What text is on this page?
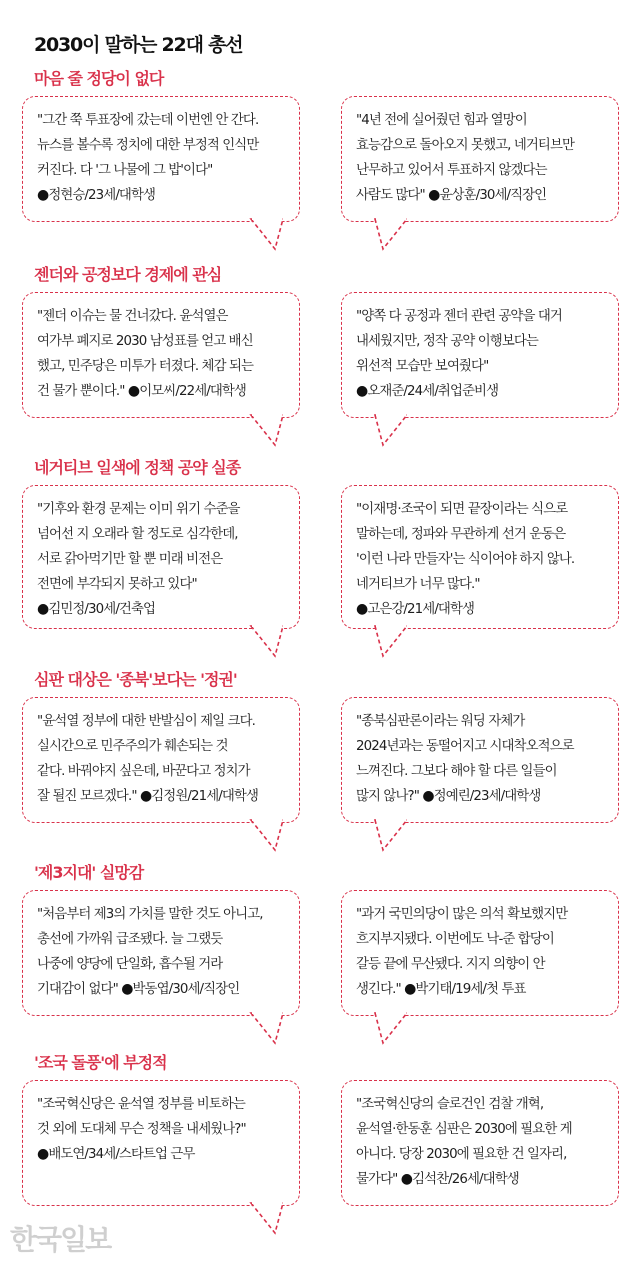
2030이 말하는 22대 총선
마음 줄 정당이 없다
"그간 쭉 투표장에 갔는데 이번엔 안 간다.
뉴스를 볼수록 정치에 대한 부정적 인식만
커진다. 다 '그 나물에 그 밥'이다" ●정현승/23세/대학생
"4년 전에 실어줬던 힘과 열망이
효능감으로 돌아오지 못했고, 네거티브만
난무하고 있어서 투표하지 않겠다는
사람도 많다" ●윤상훈/30세/직장인
젠더와 공정보다 경제에 관심
"젠더 이슈는 물 건너갔다. 윤석열은
여가부 폐지로 2030 남성표를 얻고 배신
했고, 민주당은 미투가 터졌다. 체감 되는
건 물가 뿐이다." ●이모씨/22세/대학생
"양쪽 다 공정과 젠더 관련 공약을 대거
내세웠지만, 정작 공약 이행보다는
위선적 모습만 보여줬다"
●오재준/24세/취업준비생
네거티브 일색에 정책 공약 실종
"기후와 환경 문제는 이미 위기 수준을
넘어선 지 오래라 할 정도로 심각한데,
서로 갉아먹기만 할 뿐 미래 비전은
전면에 부각되지 못하고 있다"
●김민정/30세/건축업
"이재명·조국이 되면 끝장이라는 식으로
말하는데, 정파와 무관하게 선거 운동은
'이런 나라 만들자'는 식이어야 하지 않나.
네거티브가 너무 많다."
●고은강/21세/대학생
심판 대상은 '종북'보다는 '정권'
"윤석열 정부에 대한 반발심이 제일 크다.
실시간으로 민주주의가 훼손되는 것
같다. 바꿔야지 싶은데, 바꾼다고 정치가
잘 될진 모르겠다." ●김정원/21세/대학생
"종북심판론이라는 워딩 자체가
2024년과는 동떨어지고 시대착오적으로
느껴진다. 그보다 해야 할 다른 일들이
많지 않나?" ●정예린/23세/대학생
'제3지대' 실망감
"처음부터 제3의 가치를 말한 것도 아니고,
총선에 가까워 급조됐다. 늘 그랬듯
나중에 양당에 단일화, 흡수될 거라
기대감이 없다" ●박동엽/30세/직장인
"과거 국민의당이 많은 의석 확보했지만
흐지부지됐다. 이번에도 낙-준 합당이
갈등 끝에 무산됐다. 지지 의향이 안
생긴다." ●박기태/19세/첫 투표
'조국 돌풍'에 부정적
"조국혁신당은 윤석열 정부를 비토하는
것 외에 도대체 무슨 정책을 내세웠나?"
●배도연/34세/스타트업 근무
"조국혁신당의 슬로건인 검찰 개혁,
윤석열·한동훈 심판은 2030에 필요한 게
아니다. 당장 2030에 필요한 건 일자리,
물가다" ●김석찬/26세/대학생
한국일보
